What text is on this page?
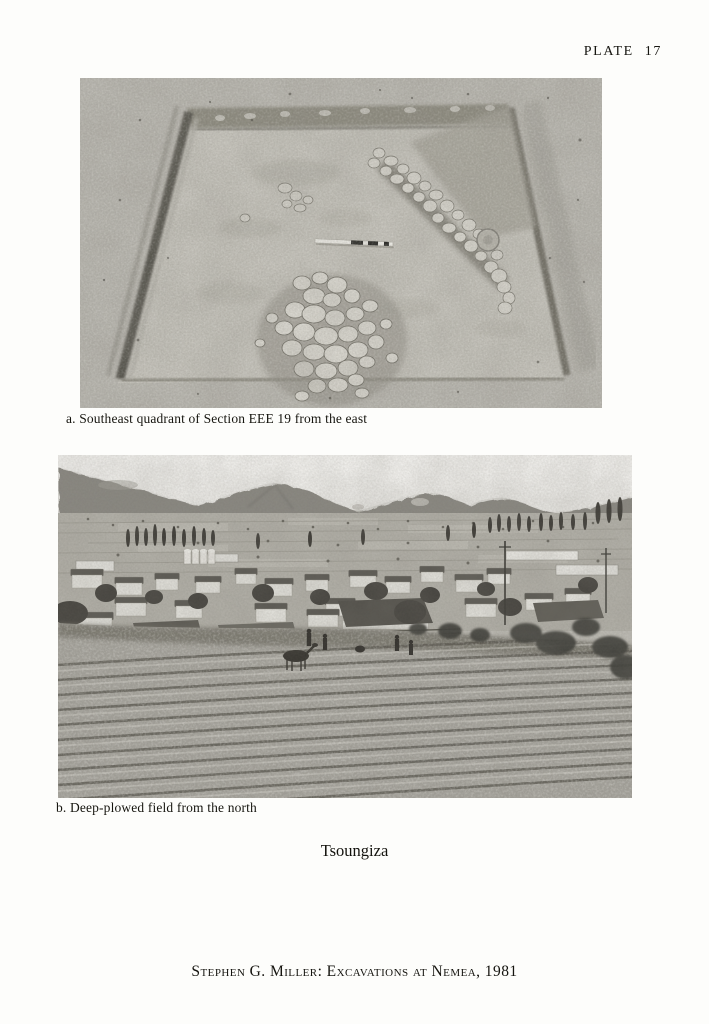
PLATE 17
a. Southeast quadrant of Section EEE 19 from the east
b. Deep-plowed field from the north
Tsoungiza
Stephen G. Miller: Excavations at Nemea, 1981
